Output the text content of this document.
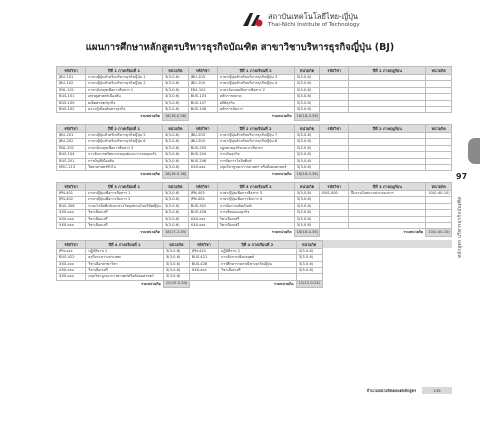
สถาบันเทคโนโลยีไทย-ญี่ปุ่น
Thai-Nichi Institute of Technology
แผนการศึกษาหลักสูตรบริหารธุรกิจบัณฑิต สาขาวิชาบริหารธุรกิจญี่ปุ่น (BJ)
รหัสวิชา	ปีที่ 1 ภาคเรียนที่ 1	หน่วยกิต	รหัสวิชา	ปีที่ 1 ภาคเรียนที่ 2	หน่วยกิต	รหัสวิชา	ปีที่ 1 ภาคฤดูร้อน	หน่วยกิต
JBU-101	ภาษาญี่ปุ่นสำหรับบริหารธุรกิจญี่ปุ่น 1	3(3-0-6)	JBU-103	ภาษาญี่ปุ่นสำหรับบริหารธุรกิจญี่ปุ่น 3	3(3-0-6)			
JBU-102	ภาษาญี่ปุ่นสำหรับบริหารธุรกิจญี่ปุ่น 2	3(3-0-6)	JBU-104	ภาษาญี่ปุ่นสำหรับบริหารธุรกิจญี่ปุ่น 4	3(3-0-6)			
ENL-101	ภาษาอังกฤษเพื่อการสื่อสาร 1	3(3-0-6)	ENL-102	ภาษาอังกฤษเพื่อการสื่อสาร 2	3(3-0-6)			
BUS-101	เศรษฐศาสตร์เบื้องต้น	3(3-0-6)	BUS-103	หลักการตลาด	3(3-0-6)			
BUS-100	คณิตศาสตร์ธุรกิจ	3(3-0-6)	BUS-107	สถิติธุรกิจ	3(3-0-6)			
BUS-102	ความรู้เบื้องต้นทางธุรกิจ	3(3-0-6)	BUS-108	หลักการจัดการ	3(3-0-6)			
รวมหน่วยกิต		18(18-0-36)	รวมหน่วยกิต		18(18-0-36)			
รหัสวิชา	ปีที่ 2 ภาคเรียนที่ 1	หน่วยกิต	รหัสวิชา	ปีที่ 2 ภาคเรียนที่ 2	หน่วยกิต	รหัสวิชา	ปีที่ 2 ภาคฤดูร้อน	หน่วยกิต
JBU-201	ภาษาญี่ปุ่นสำหรับบริหารธุรกิจญี่ปุ่น 5	3(3-0-6)	JBU-203	ภาษาญี่ปุ่นสำหรับบริหารธุรกิจญี่ปุ่น 7	3(3-0-6)			
JBU-202	ภาษาญี่ปุ่นสำหรับบริหารธุรกิจญี่ปุ่น 6	3(3-0-6)	JBU-204	ภาษาญี่ปุ่นสำหรับบริหารธุรกิจญี่ปุ่น 8	3(3-0-6)			
ENL-201	ภาษาอังกฤษเพื่อการสื่อสาร 3	3(3-0-6)	BUS-205	กฎหมายธุรกิจและภาษีอากร	3(3-0-6)			
BUS-104	การจัดการทรัพยากรมนุษย์และการลงทุนครั้ง	3(3-0-6)	BUS-204	การเงินธุรกิจ	3(3-0-6)			
BUS-201	การบัญชีเบื้องต้น	3(3-0-6)	BUS-206	การจัดการโลจิสติกส์	3(3-0-6)			
MSC-113	วิทยาศาสตร์ทั่วไป	3(3-0-6)	XXX-xxx	กลุ่มวิชาบูรณาการศาสตร์ หรือสังคมศาสตร์	3(3-0-6)			
รวมหน่วยกิต		18(18-0-36)	รวมหน่วยกิต		18(18-0-36)			
รหัสวิชา	ปีที่ 3 ภาคเรียนที่ 1	หน่วยกิต	รหัสวิชา	ปีที่ 3 ภาคเรียนที่ 2	หน่วยกิต	รหัสวิชา	ปีที่ 3 ภาคฤดูร้อน	หน่วยกิต
JPN-401	ภาษาญี่ปุ่นเพื่อการสื่อสาร 1	3(3-0-6)	JPN-403	ภาษาญี่ปุ่นเพื่อการสื่อสาร 3	3(3-0-6)	BUS-400	ฝึกงานในสถานประกอบการ	10(0-40-10)
JPN-402	ภาษาญี่ปุ่นเพื่อการจัดการ 2	3(3-0-6)	JPN-404	ภาษาญี่ปุ่นเพื่อการจัดการ 4	3(3-0-6)			
BUS-306	ระบบโลจิสติกส์และห่วงโซ่อุปทานในบริษัทญี่ปุ่น	3(3-0-6)	BUS-302	การจัดการผลิตภัณฑ์	3(3-0-6)			
XXX-xxx	วิชาเลือกเสรี	3(3-0-6)	BUS-426	การเขียนแผนธุรกิจ	3(3-0-6)			
XXX-xxx	วิชาเลือกเสรี	3(3-0-6)	XXX-xxx	วิชาเลือกเสรี	3(3-0-6)			
XXX-xxx	วิชาเลือกเสรี	3(3-0-6)	XXX-xxx	วิชาเลือกเสรี	3(3-0-6)			
รวมหน่วยกิต		18(17-2-35)	รวมหน่วยกิต		18(18-0-36)	รวมหน่วยกิต		10(0-40-10)
รหัสวิชา	ปีที่ 4 ภาคเรียนที่ 1	หน่วยกิต	รหัสวิชา	ปีที่ 4 ภาคเรียนที่ 2	หน่วยกิต			
JPN-xxx	ปฏิบัติงาน 1	3(3-0-6)	JPN-410	ปฏิบัติงาน 2	3(3-0-6)			
BUS-422	ธุรกิจระหว่างประเทศ	3(3-0-6)	BUS-421	การจัดการเชิงกลยุทธ์	3(3-0-6)			
XXX-xxx	วิชาเลือกสาขาวิชา	3(3-0-6)	BUS-428	การศึกษารายกรณีทางธุรกิจญี่ปุ่น	3(3-0-6)			
XXX-xxx	วิชาเลือกเสรี	3(3-0-6)	XXX-xxx	วิชาเลือกเสรี	3(3-0-6)			
XXX-xxx	กลุ่มวิชาบูรณาการศาสตร์หรือสังคมศาสตร์	3(3-0-6)						
รวมหน่วยกิต		15(15-0-30)	รวมหน่วยกิต		12(12-0-24)			
จำนวนหน่วยกิตตลอดหลักสูตร	135
97
หลักสูตร บริหารธุรกิจบัณฑิต
